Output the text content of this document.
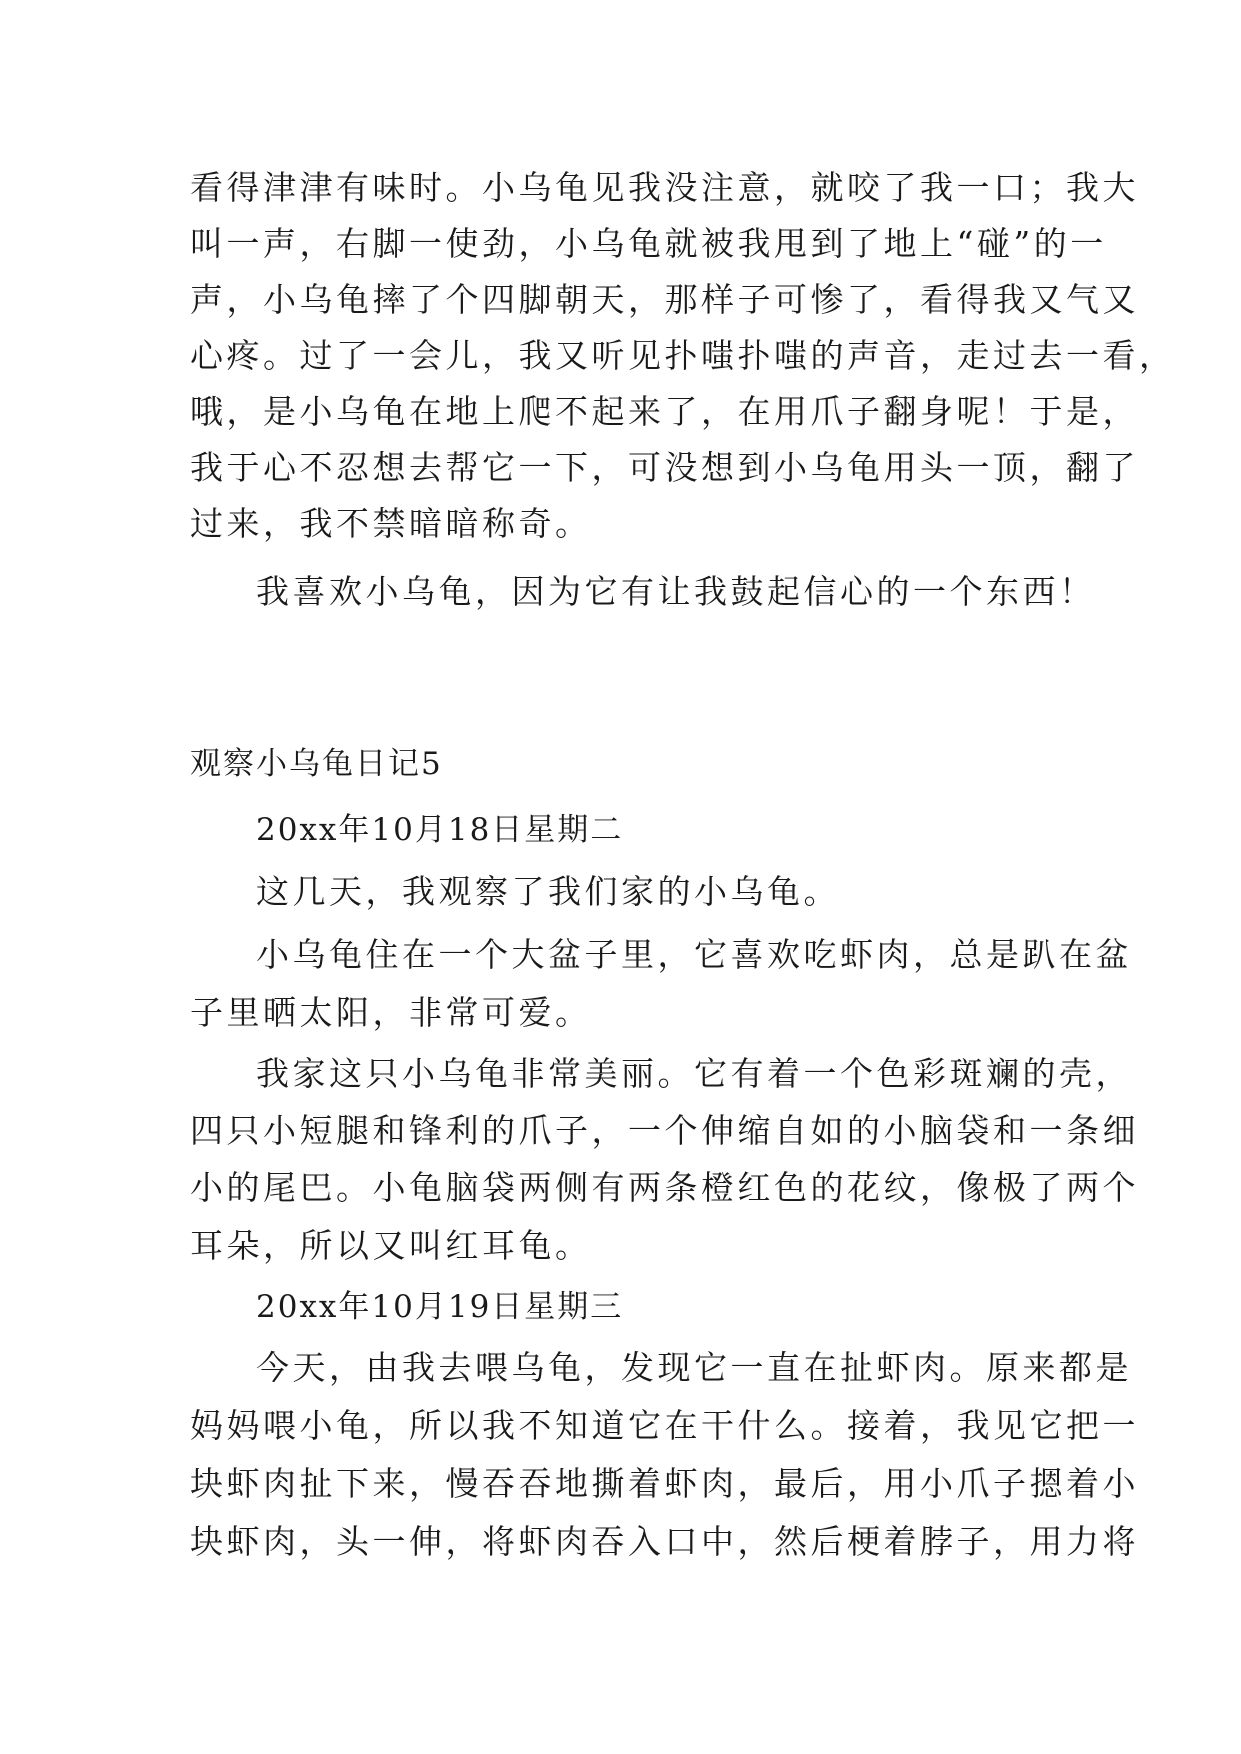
看得津津有味时。小乌龟见我没注意，就咬了我一口；我大
叫一声，右脚一使劲，小乌龟就被我甩到了地上“碰”的一
声，小乌龟摔了个四脚朝天，那样子可惨了，看得我又气又
心疼。过了一会儿，我又听见扑嗤扑嗤的声音，走过去一看，
哦，是小乌龟在地上爬不起来了，在用爪子翻身呢！于是，
我于心不忍想去帮它一下，可没想到小乌龟用头一顶，翻了
过来，我不禁暗暗称奇。
我喜欢小乌龟，因为它有让我鼓起信心的一个东西！
观察小乌龟日记5
20xx年10月18日星期二
这几天，我观察了我们家的小乌龟。
小乌龟住在一个大盆子里，它喜欢吃虾肉，总是趴在盆
子里晒太阳，非常可爱。
我家这只小乌龟非常美丽。它有着一个色彩斑斓的壳，
四只小短腿和锋利的爪子，一个伸缩自如的小脑袋和一条细
小的尾巴。小龟脑袋两侧有两条橙红色的花纹，像极了两个
耳朵，所以又叫红耳龟。
20xx年10月19日星期三
今天，由我去喂乌龟，发现它一直在扯虾肉。原来都是
妈妈喂小龟，所以我不知道它在干什么。接着，我见它把一
块虾肉扯下来，慢吞吞地撕着虾肉，最后，用小爪子摁着小
块虾肉，头一伸，将虾肉吞入口中，然后梗着脖子，用力将
